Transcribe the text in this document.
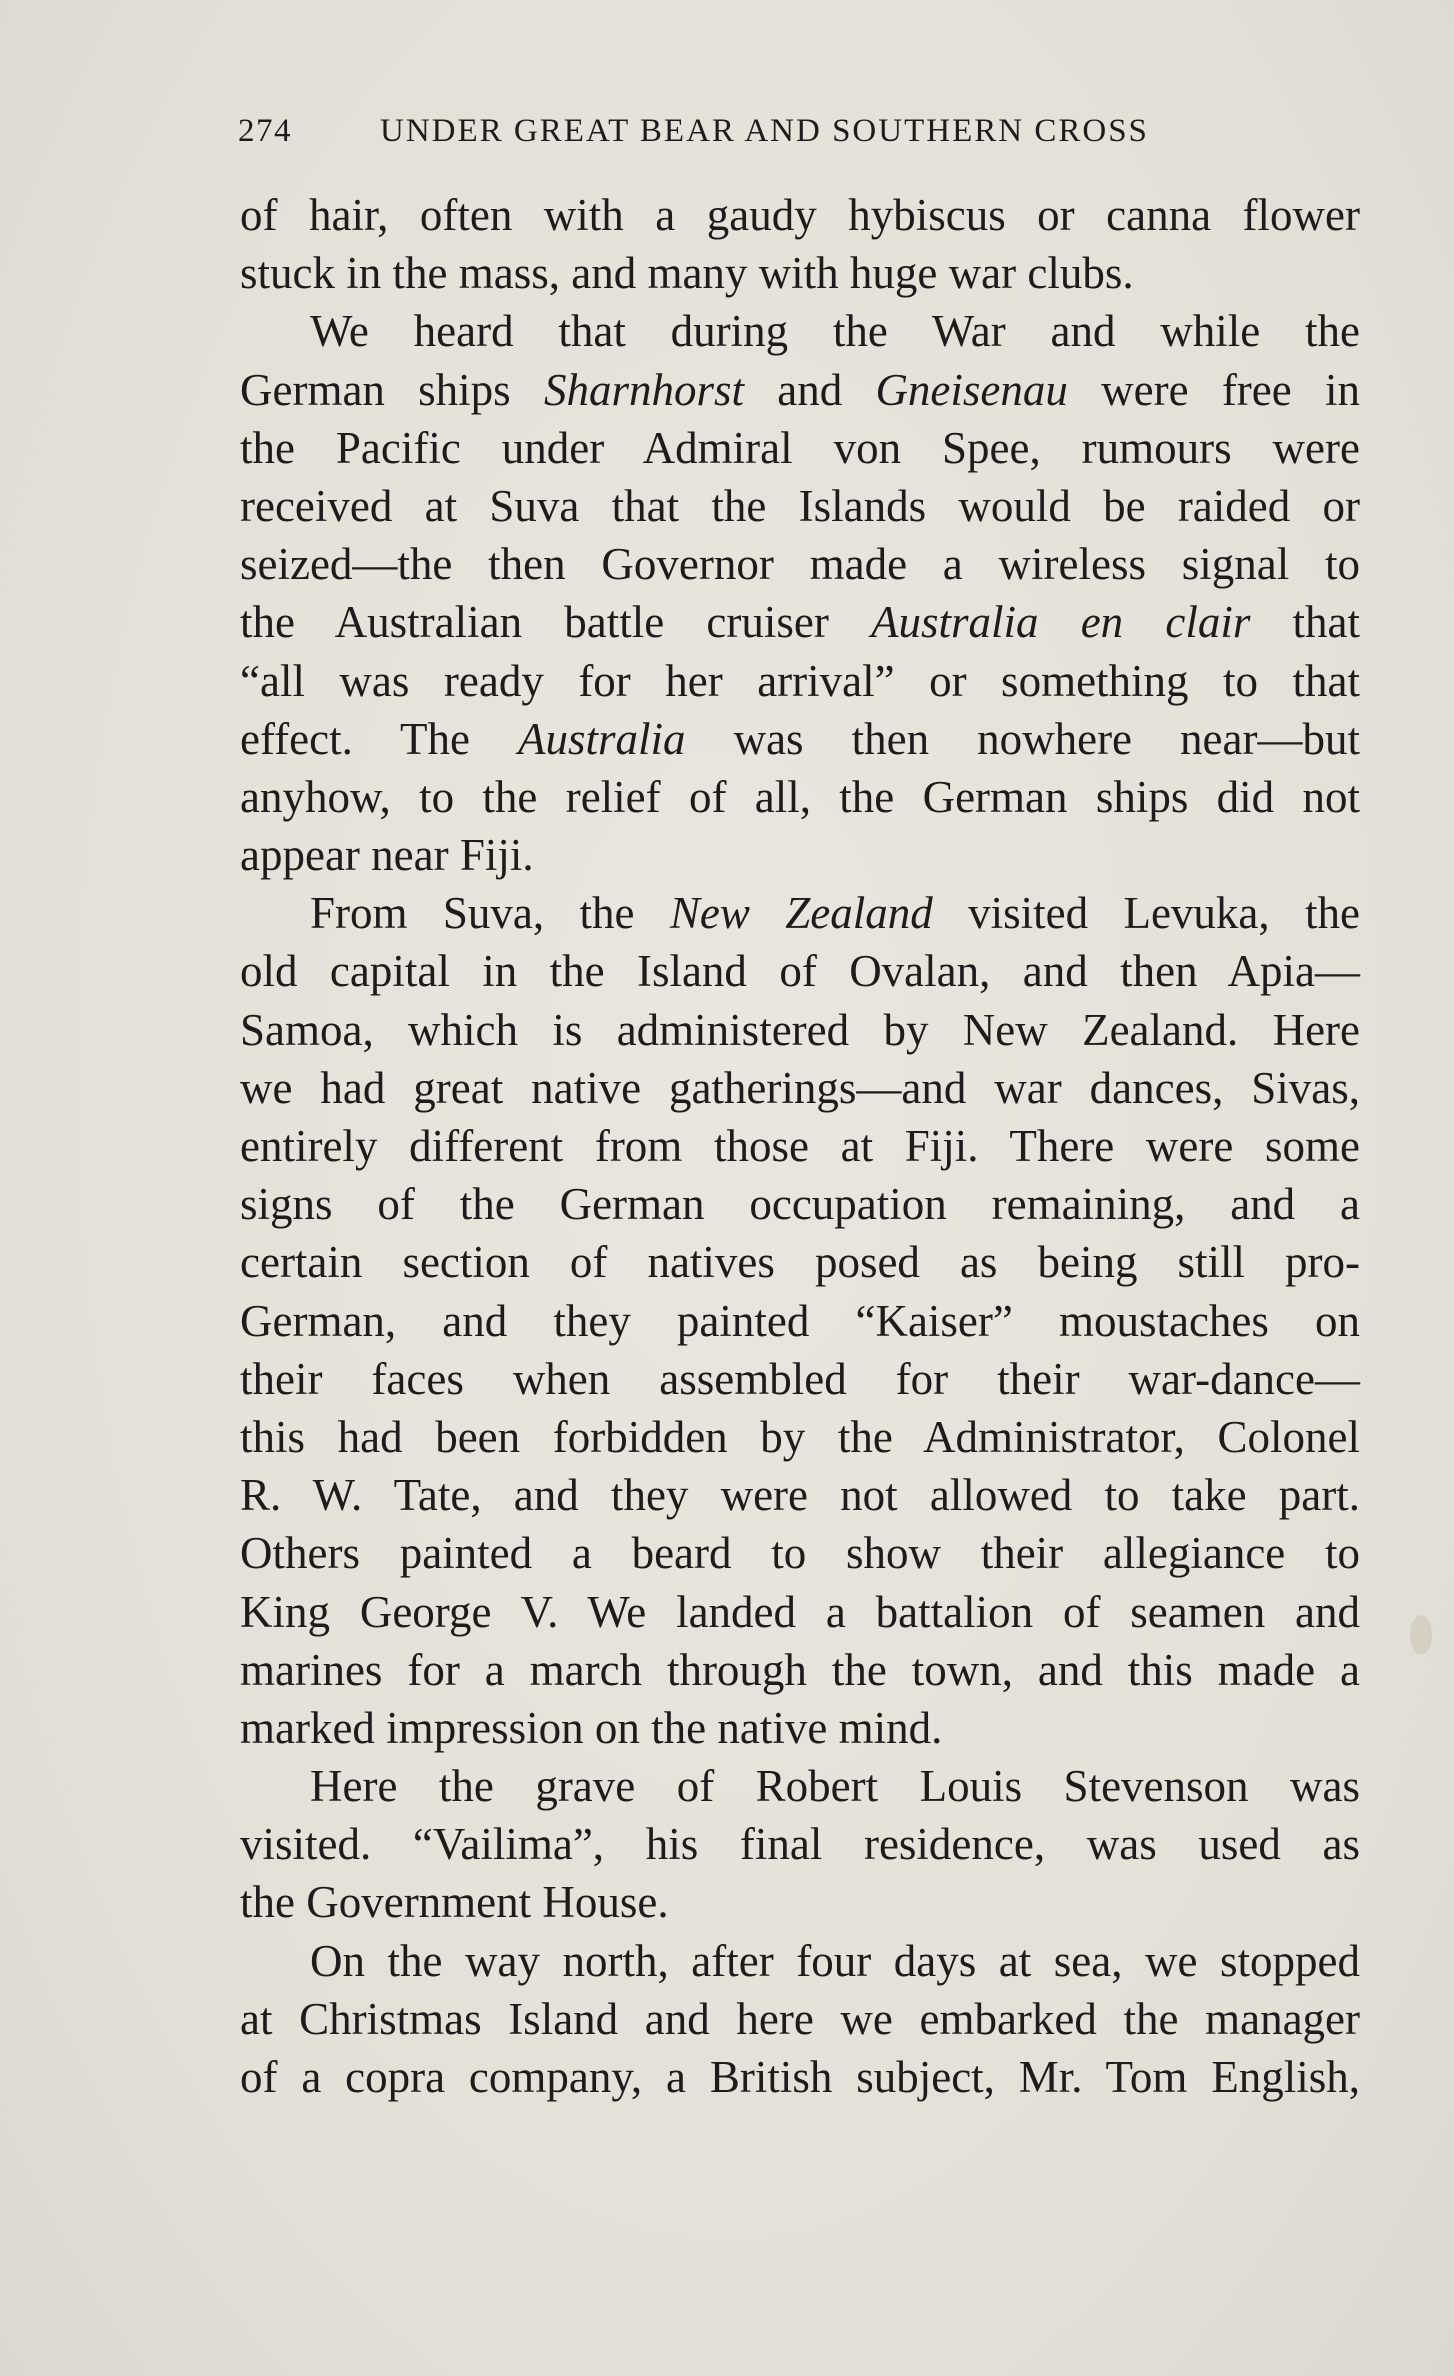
274	UNDER GREAT BEAR AND SOUTHERN CROSS
of hair, often with a gaudy hybiscus or canna flower
stuck in the mass, and many with huge war clubs.
We heard that during the War and while the
German ships Sharnhorst and Gneisenau were free in
the Pacific under Admiral von Spee, rumours were
received at Suva that the Islands would be raided or
seized—the then Governor made a wireless signal to
the Australian battle cruiser Australia en clair that
“all was ready for her arrival” or something to that
effect. The Australia was then nowhere near—but
anyhow, to the relief of all, the German ships did not
appear near Fiji.
From Suva, the New Zealand visited Levuka, the
old capital in the Island of Ovalan, and then Apia—
Samoa, which is administered by New Zealand. Here
we had great native gatherings—and war dances, Sivas,
entirely different from those at Fiji. There were some
signs of the German occupation remaining, and a
certain section of natives posed as being still pro-
German, and they painted “Kaiser” moustaches on
their faces when assembled for their war-dance—
this had been forbidden by the Administrator, Colonel
R. W. Tate, and they were not allowed to take part.
Others painted a beard to show their allegiance to
King George V. We landed a battalion of seamen and
marines for a march through the town, and this made a
marked impression on the native mind.
Here the grave of Robert Louis Stevenson was
visited. “Vailima”, his final residence, was used as
the Government House.
On the way north, after four days at sea, we stopped
at Christmas Island and here we embarked the manager
of a copra company, a British subject, Mr. Tom English,
